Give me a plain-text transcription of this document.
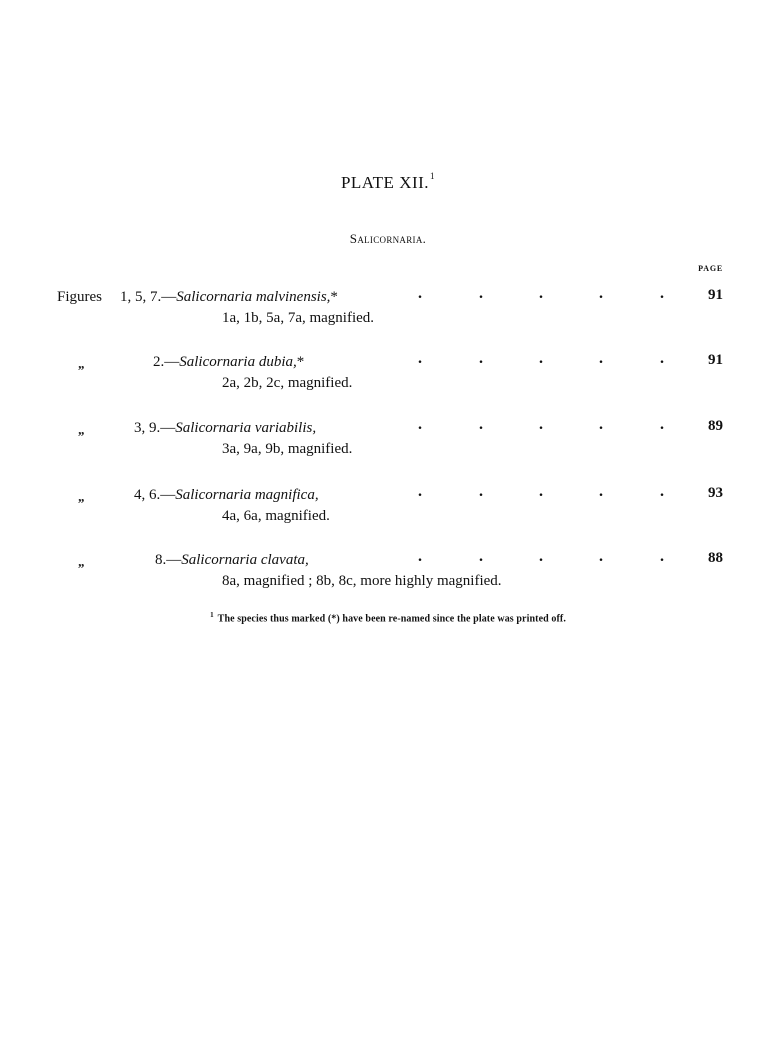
PLATE XII.$^1$
Salicornaria.
PAGE
Figures 1, 5, 7.—Salicornaria malvinensis,*	.	.	.	.	.	91
1a, 1b, 5a, 7a, magnified.
„	2.—Salicornaria dubia,*	.	.	.	.	.	91
2a, 2b, 2c, magnified.
„	3, 9.—Salicornaria variabilis,	.	.	.	.	.	89
3a, 9a, 9b, magnified.
„	4, 6.—Salicornaria magnifica,	.	.	.	.	.	93
4a, 6a, magnified.
„	8.—Salicornaria clavata,	.	.	.	.	.	88
8a, magnified ; 8b, 8c, more highly magnified.
$^1$ The species thus marked (*) have been re-named since the plate was printed off.
